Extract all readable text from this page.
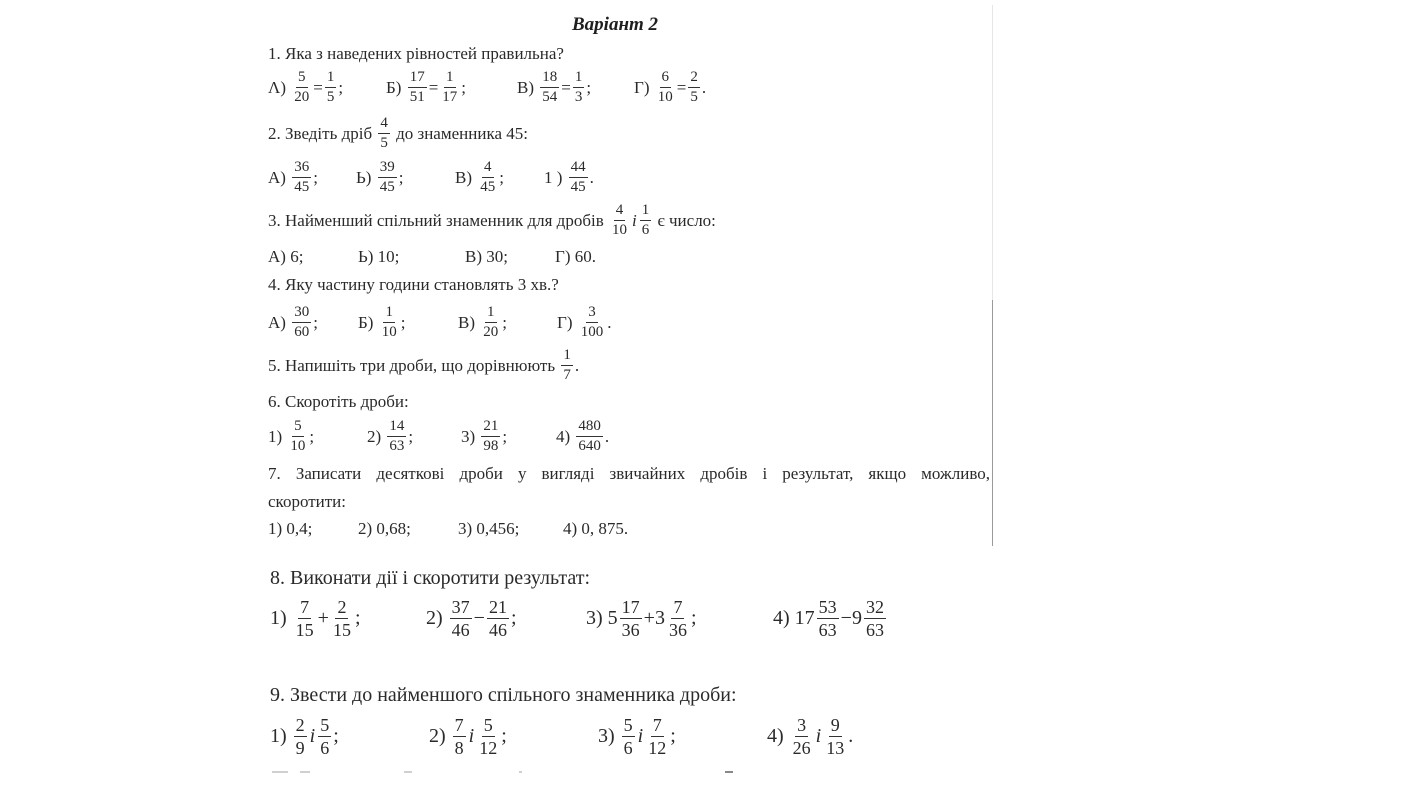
Варіант 2
1. Яка з наведених рівностей правильна?
Λ)
$\frac{5}{20} = \frac{1}{5}$ ;	Б)
$\frac{17}{51} = \frac{1}{17}$ ;	В)
$\frac{18}{54} = \frac{1}{3}$ ;	Г)
$\frac{6}{10} = \frac{2}{5}$ .
2. Зведіть дріб
$\frac{4}{5}$
до знаменника 45:
А)
$\frac{36}{45}$ ; Ь)
$\frac{39}{45}$ ;	В)
$\frac{4}{45}$ ; 1 )
$\frac{44}{45}$ .
3. Найменший спільний знаменник для дробів
$\frac{4}{10}$ і $\frac{1}{6}$
є число:
А) 6;	Ь) 10;	В) 30;	Г) 60.
4. Яку частину години становлять 3 хв.?
А)
$\frac{30}{60}$ ; Б)
$\frac{1}{10}$ ;	В)
$\frac{1}{20}$ ;	Г)
$\frac{3}{100}$ .
5. Напишіть три дроби, що дорівнюють
$\frac{1}{7}$ .
6. Скоротіть дроби:
1)
$\frac{5}{10}$ ;	2)
$\frac{14}{63}$ ;	3)
$\frac{21}{98}$ ;	4)
$\frac{480}{640}$ .
7. Записати десяткові дроби у вигляді звичайних дробів і результат, якщо можливо,
скоротити:
1) 0,4;	2) 0,68;	3) 0,456;	4) 0, 875.
8. Виконати дії і скоротити результат:
1)
$\frac{7}{15} + \frac{2}{15}$ ;	2)
$\frac{37}{46} - \frac{21}{46}$ ;	3)
$5 \frac{17}{36} + 3 \frac{7}{36}$ ;	4)
$17 \frac{53}{63} - 9 \frac{32}{63}$
9. Звести до найменшого спільного знаменника дроби:
1)
$\frac{2}{9}$ і $\frac{5}{6}$ ;	2)
$\frac{7}{8}$ і $\frac{5}{12}$ ;	3)
$\frac{5}{6}$ і $\frac{7}{12}$ ;	4)
$\frac{3}{26}$ і $\frac{9}{13}$ .
